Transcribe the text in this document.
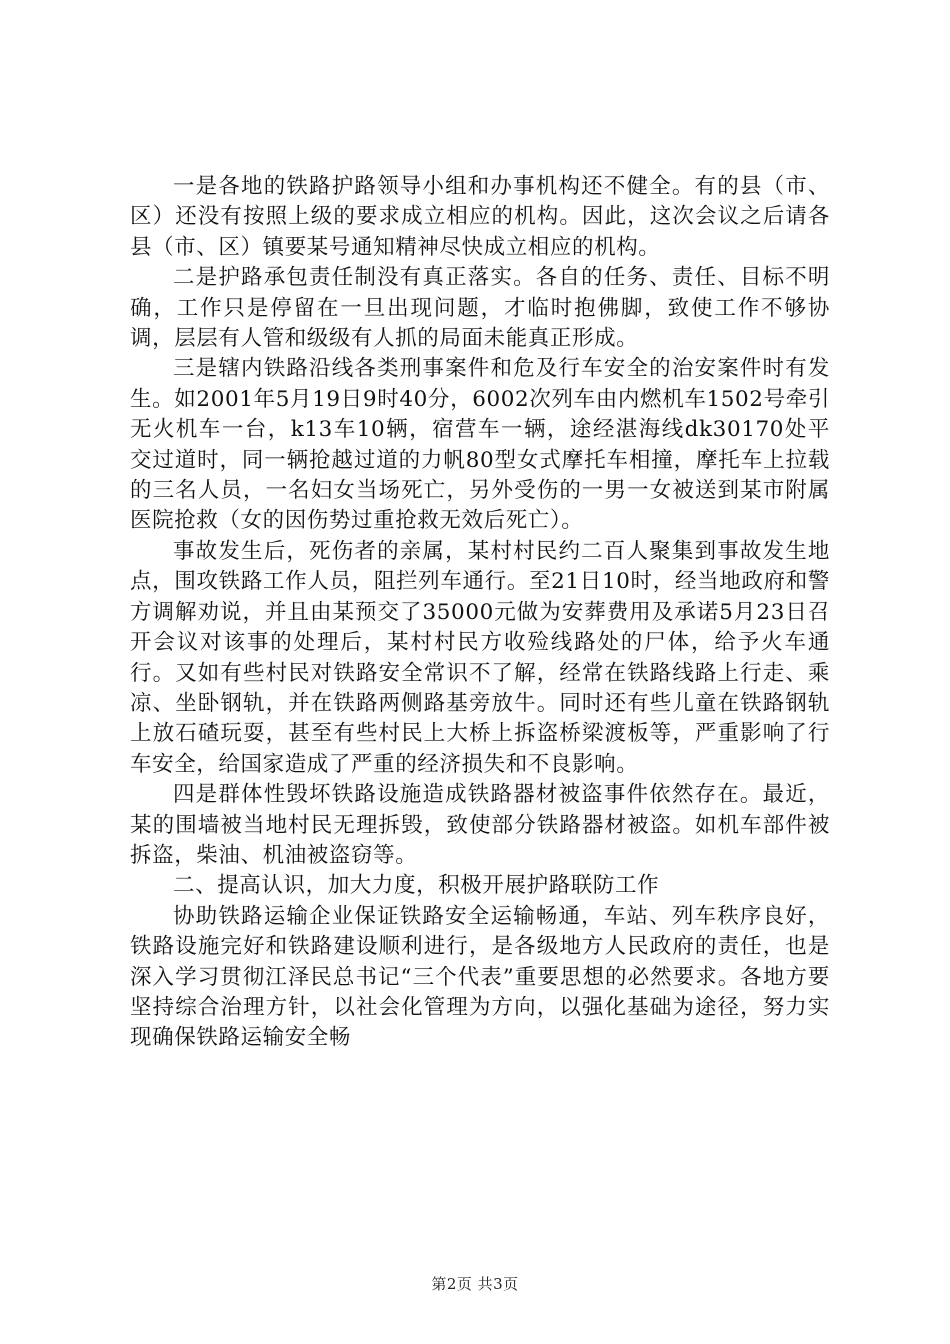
一是各地的铁路护路领导小组和办事机构还不健全。有的县（市、区）还没有按照上级的要求成立相应的机构。因此，这次会议之后请各县（市、区）镇要某号通知精神尽快成立相应的机构。

二是护路承包责任制没有真正落实。各自的任务、责任、目标不明确，工作只是停留在一旦出现问题，才临时抱佛脚，致使工作不够协调，层层有人管和级级有人抓的局面未能真正形成。

三是辖内铁路沿线各类刑事案件和危及行车安全的治安案件时有发生。如2001年5月19日9时40分，6002次列车由内燃机车1502号牵引无火机车一台，k13车10辆，宿营车一辆，途经湛海线dk30170处平交过道时，同一辆抢越过道的力帆80型女式摩托车相撞，摩托车上拉载的三名人员，一名妇女当场死亡，另外受伤的一男一女被送到某市附属医院抢救（女的因伤势过重抢救无效后死亡）。

事故发生后，死伤者的亲属，某村村民约二百人聚集到事故发生地点，围攻铁路工作人员，阻拦列车通行。至21日10时，经当地政府和警方调解劝说，并且由某预交了35000元做为安葬费用及承诺5月23日召开会议对该事的处理后，某村村民方收殓线路处的尸体，给予火车通行。又如有些村民对铁路安全常识不了解，经常在铁路线路上行走、乘凉、坐卧钢轨，并在铁路两侧路基旁放牛。同时还有些儿童在铁路钢轨上放石碴玩耍，甚至有些村民上大桥上拆盗桥梁渡板等，严重影响了行车安全，给国家造成了严重的经济损失和不良影响。

四是群体性毁坏铁路设施造成铁路器材被盗事件依然存在。最近，某的围墙被当地村民无理拆毁，致使部分铁路器材被盗。如机车部件被拆盗，柴油、机油被盗窃等。

二、提高认识，加大力度，积极开展护路联防工作

协助铁路运输企业保证铁路安全运输畅通，车站、列车秩序良好，铁路设施完好和铁路建设顺利进行，是各级地方人民政府的责任，也是深入学习贯彻江泽民总书记“三个代表”重要思想的必然要求。各地方要坚持综合治理方针，以社会化管理为方向，以强化基础为途径，努力实现确保铁路运输安全畅

第2页 共3页
